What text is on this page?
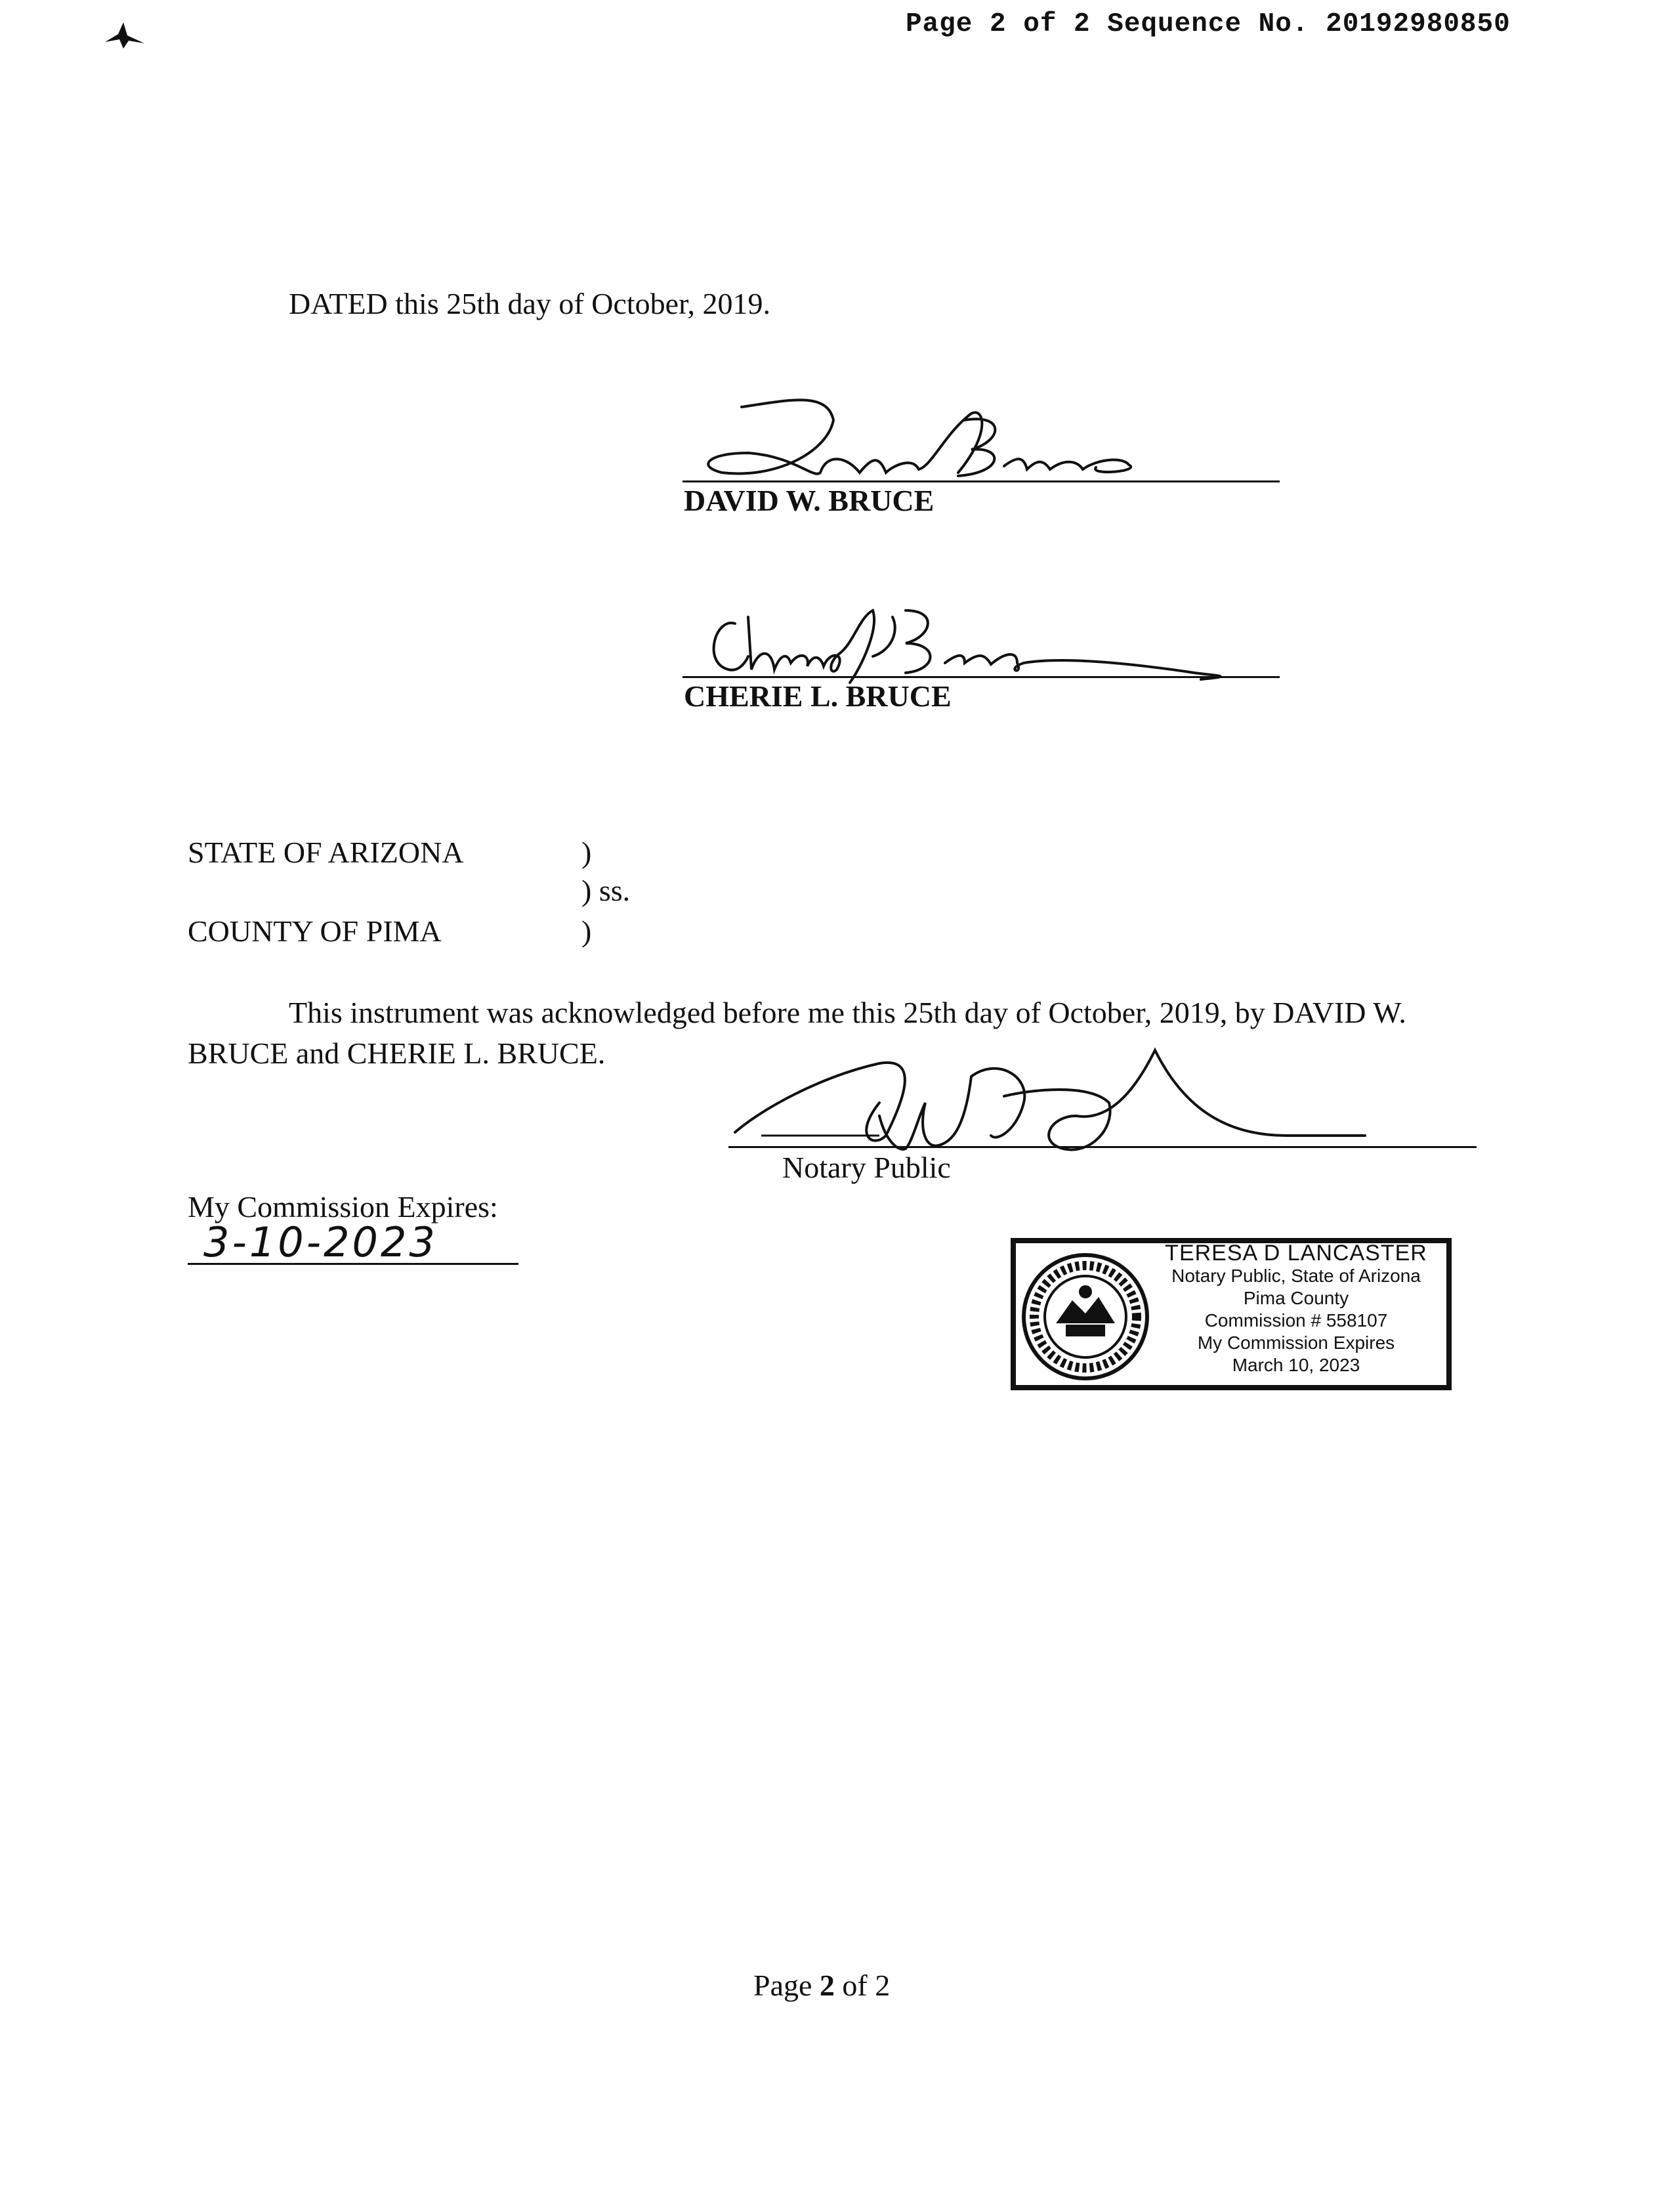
Page 2 of 2 Sequence No. 20192980850
DATED this 25th day of October, 2019.
DAVID W. BRUCE
CHERIE L. BRUCE
STATE OF ARIZONA
COUNTY OF PIMA
)
) ss.
)
This instrument was acknowledged before me this 25th day of October, 2019, by DAVID W. BRUCE and CHERIE L. BRUCE.
Notary Public
My Commission Expires:
3-10-2023	TERESA D LANCASTER
Notary Public, State of Arizona
Pima County
Commission # 558107
My Commission Expires
March 10, 2023
Page 2 of 2
